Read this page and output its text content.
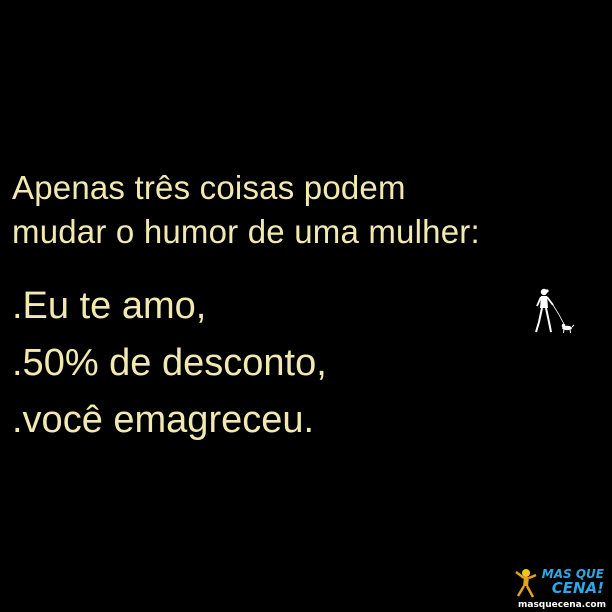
Apenas três coisas podem
mudar o humor de uma mulher:

.Eu te amo,
.50% de desconto,
.você emagreceu.
MAS QUE
CENA!
masquecena.com
